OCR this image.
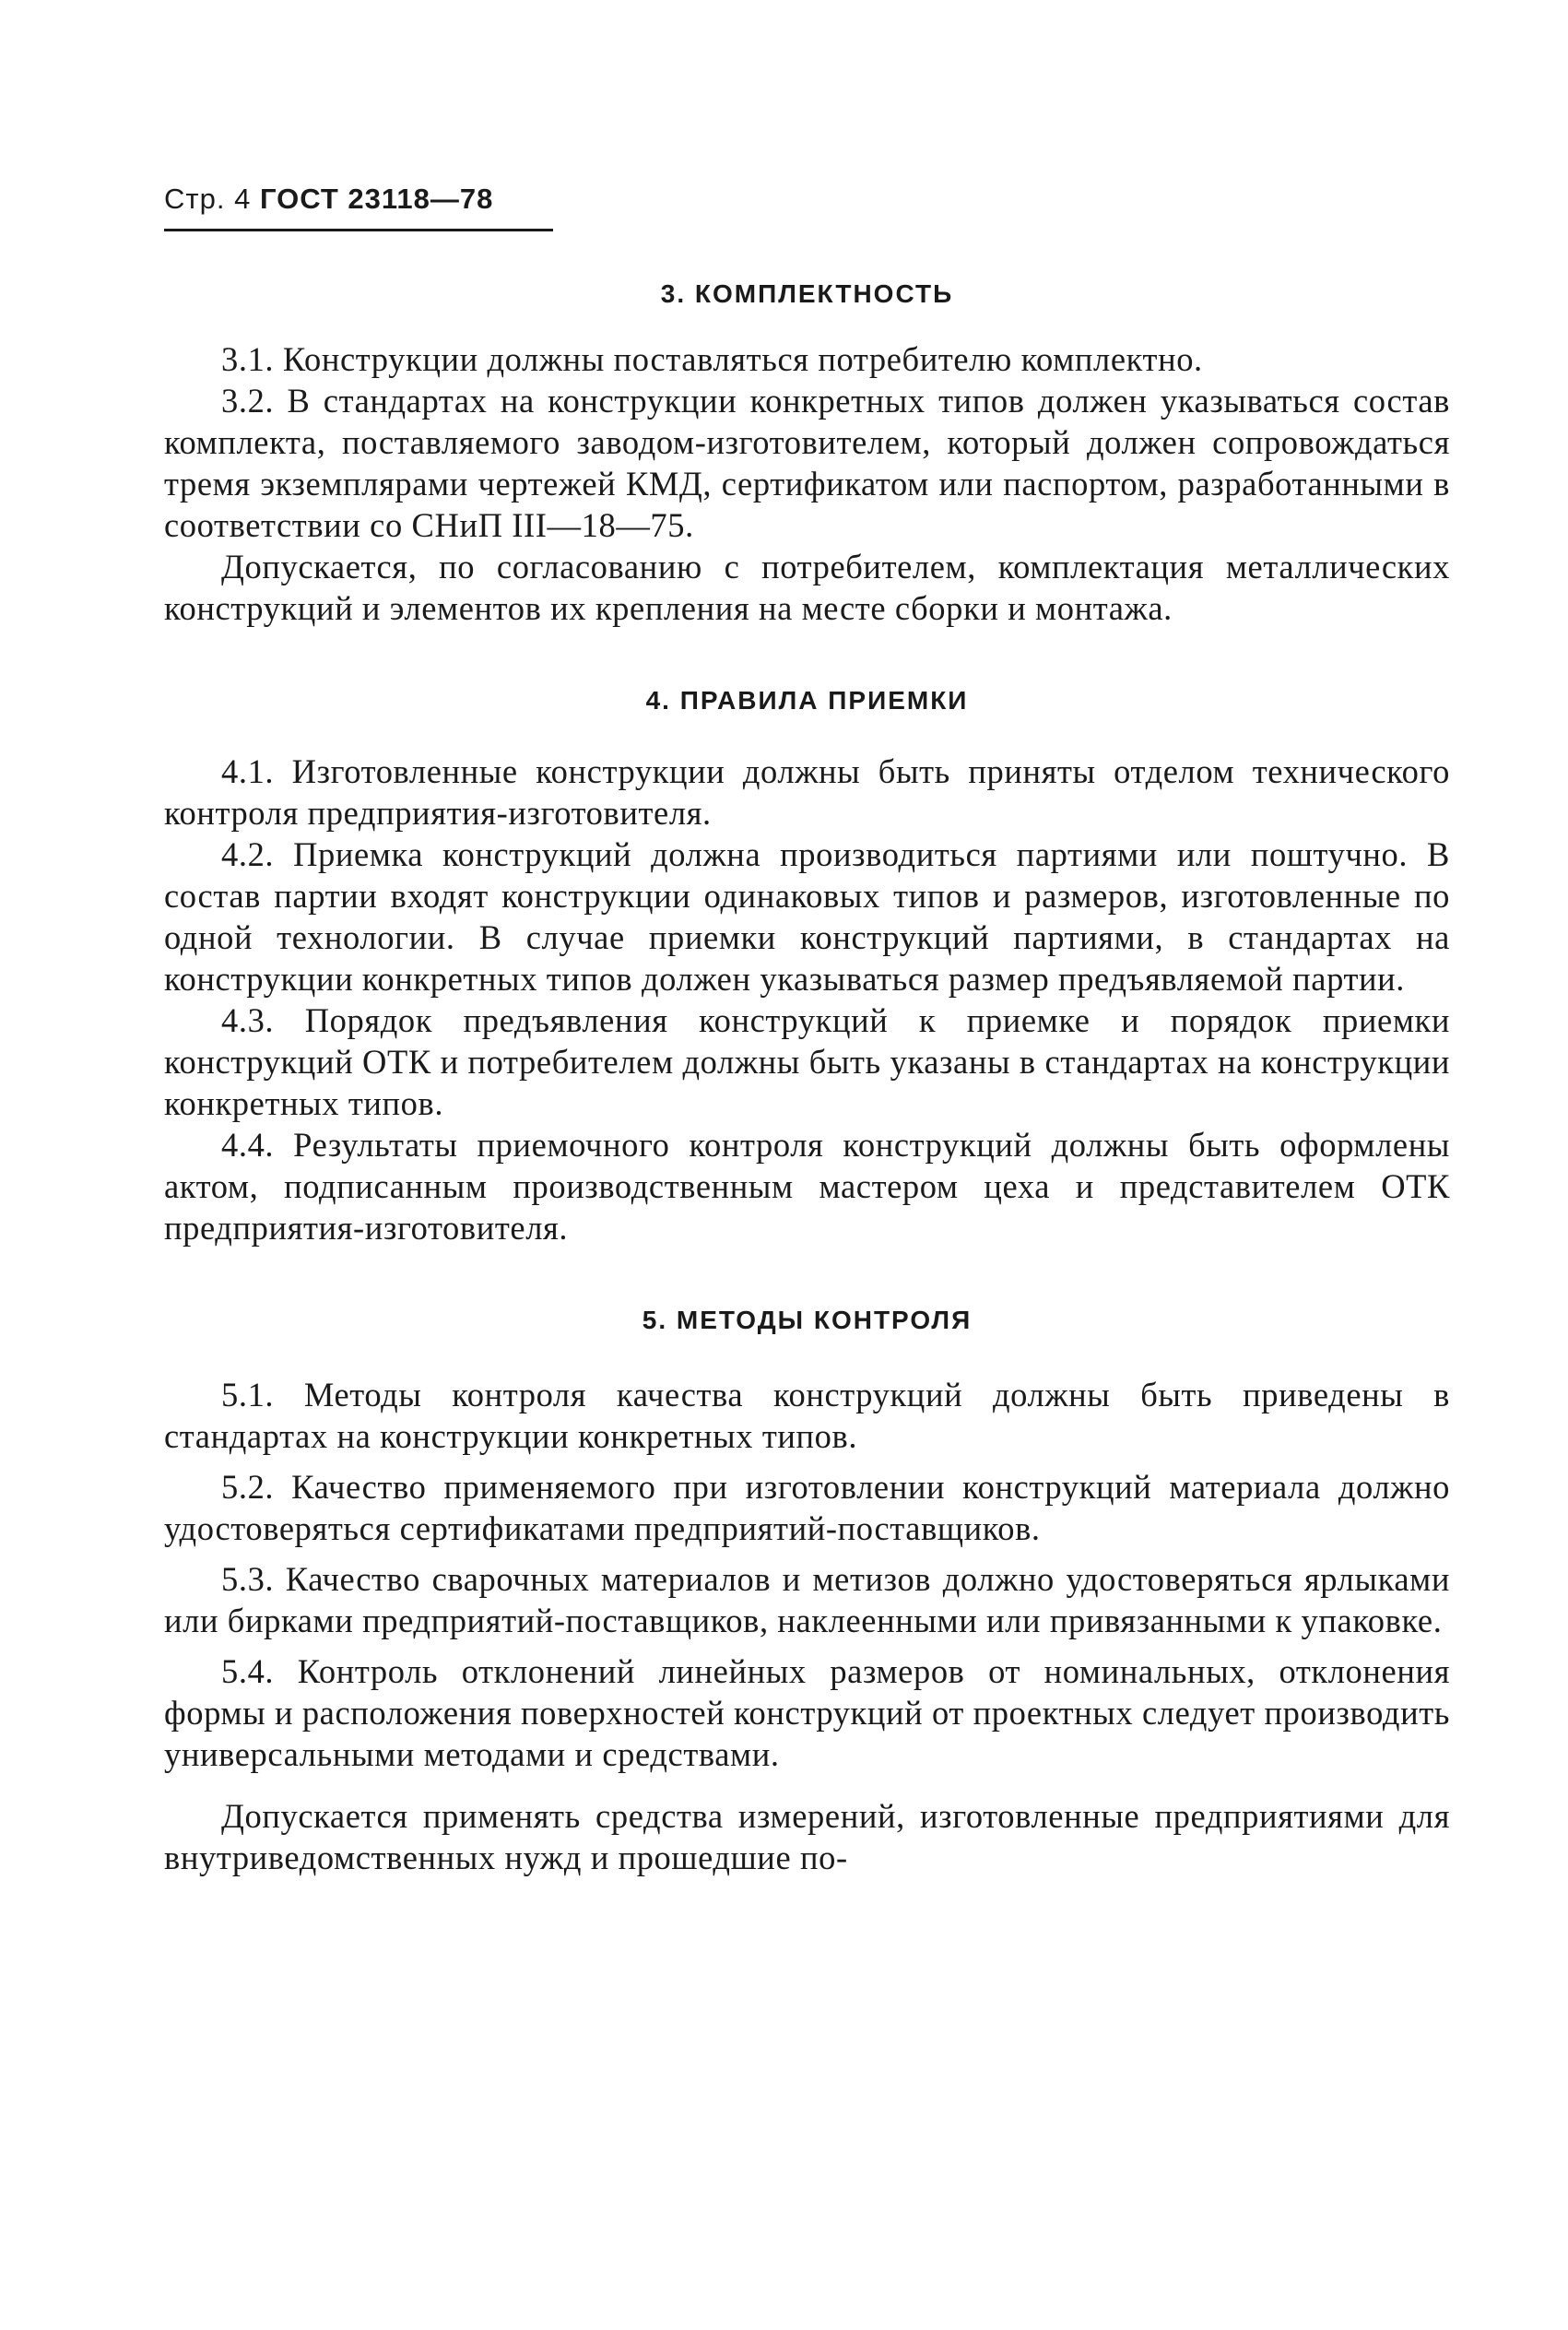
Стр. 4 ГОСТ 23118—78
3. КОМПЛЕКТНОСТЬ

3.1. Конструкции должны поставляться потребителю комплектно.

3.2. В стандартах на конструкции конкретных типов должен указываться состав комплекта, поставляемого заводом-изготовителем, который должен сопровождаться тремя экземплярами чертежей КМД, сертификатом или паспортом, разработанными в соответствии со СНиП III—18—75.

Допускается, по согласованию с потребителем, комплектация металлических конструкций и элементов их крепления на месте сборки и монтажа.

4. ПРАВИЛА ПРИЕМКИ

4.1. Изготовленные конструкции должны быть приняты отделом технического контроля предприятия-изготовителя.

4.2. Приемка конструкций должна производиться партиями или поштучно. В состав партии входят конструкции одинаковых типов и размеров, изготовленные по одной технологии. В случае приемки конструкций партиями, в стандартах на конструкции конкретных типов должен указываться размер предъявляемой партии.

4.3. Порядок предъявления конструкций к приемке и порядок приемки конструкций ОТК и потребителем должны быть указаны в стандартах на конструкции конкретных типов.

4.4. Результаты приемочного контроля конструкций должны быть оформлены актом, подписанным производственным мастером цеха и представителем ОТК предприятия-изготовителя.

5. МЕТОДЫ КОНТРОЛЯ

5.1. Методы контроля качества конструкций должны быть приведены в стандартах на конструкции конкретных типов.

5.2. Качество применяемого при изготовлении конструкций материала должно удостоверяться сертификатами предприятий-поставщиков.

5.3. Качество сварочных материалов и метизов должно удостоверяться ярлыками или бирками предприятий-поставщиков, наклеенными или привязанными к упаковке.

5.4. Контроль отклонений линейных размеров от номинальных, отклонения формы и расположения поверхностей конструкций от проектных следует производить универсальными методами и средствами.

Допускается применять средства измерений, изготовленные предприятиями для внутриведомственных нужд и прошедшие по-
